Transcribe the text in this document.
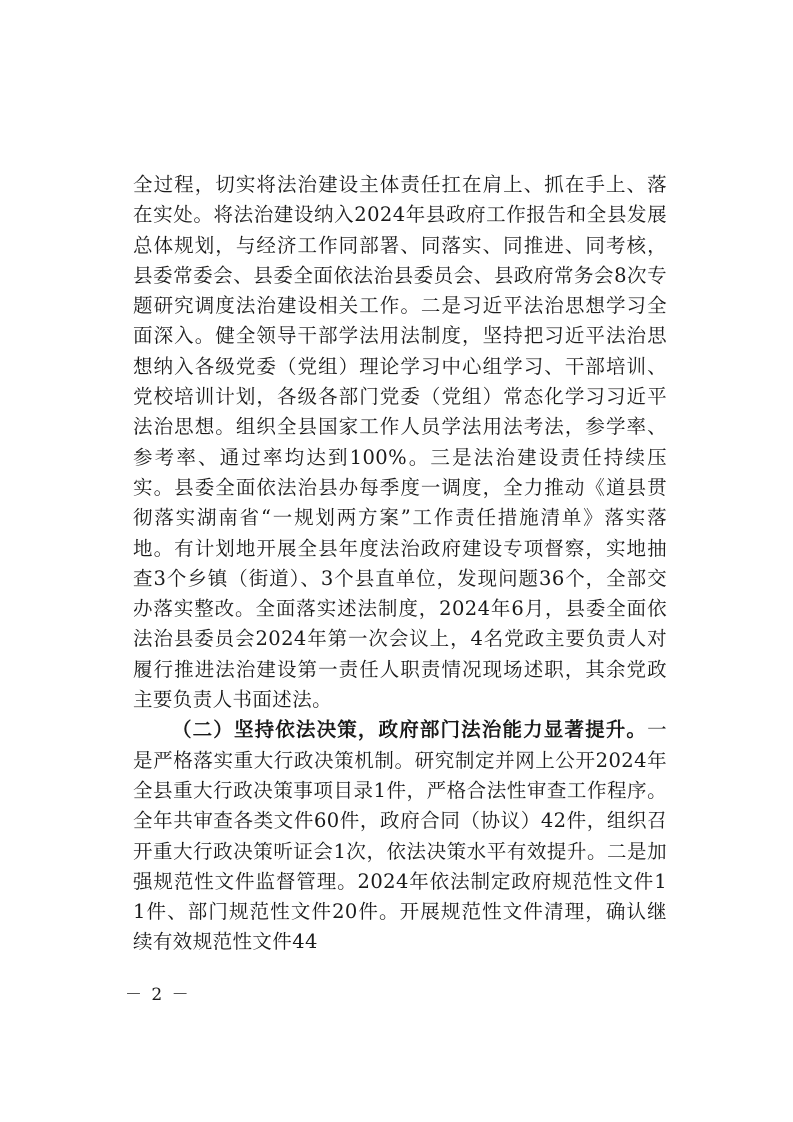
全过程，切实将法治建设主体责任扛在肩上、抓在手上、落在实处。将法治建设纳入2024年县政府工作报告和全县发展总体规划，与经济工作同部署、同落实、同推进、同考核，县委常委会、县委全面依法治县委员会、县政府常务会8次专题研究调度法治建设相关工作。二是习近平法治思想学习全面深入。健全领导干部学法用法制度，坚持把习近平法治思想纳入各级党委（党组）理论学习中心组学习、干部培训、党校培训计划，各级各部门党委（党组）常态化学习习近平法治思想。组织全县国家工作人员学法用法考法，参学率、参考率、通过率均达到100%。三是法治建设责任持续压实。县委全面依法治县办每季度一调度，全力推动《道县贯彻落实湖南省“一规划两方案”工作责任措施清单》落实落地。有计划地开展全县年度法治政府建设专项督察，实地抽查3个乡镇（街道）、3个县直单位，发现问题36个，全部交办落实整改。全面落实述法制度，2024年6月，县委全面依法治县委员会2024年第一次会议上，4名党政主要负责人对履行推进法治建设第一责任人职责情况现场述职，其余党政主要负责人书面述法。

（二）坚持依法决策，政府部门法治能力显著提升。一是严格落实重大行政决策机制。研究制定并网上公开2024年全县重大行政决策事项目录1件，严格合法性审查工作程序。全年共审查各类文件60件，政府合同（协议）42件，组织召开重大行政决策听证会1次，依法决策水平有效提升。二是加强规范性文件监督管理。2024年依法制定政府规范性文件11件、部门规范性文件20件。开展规范性文件清理，确认继续有效规范性文件44

－ 2 －
